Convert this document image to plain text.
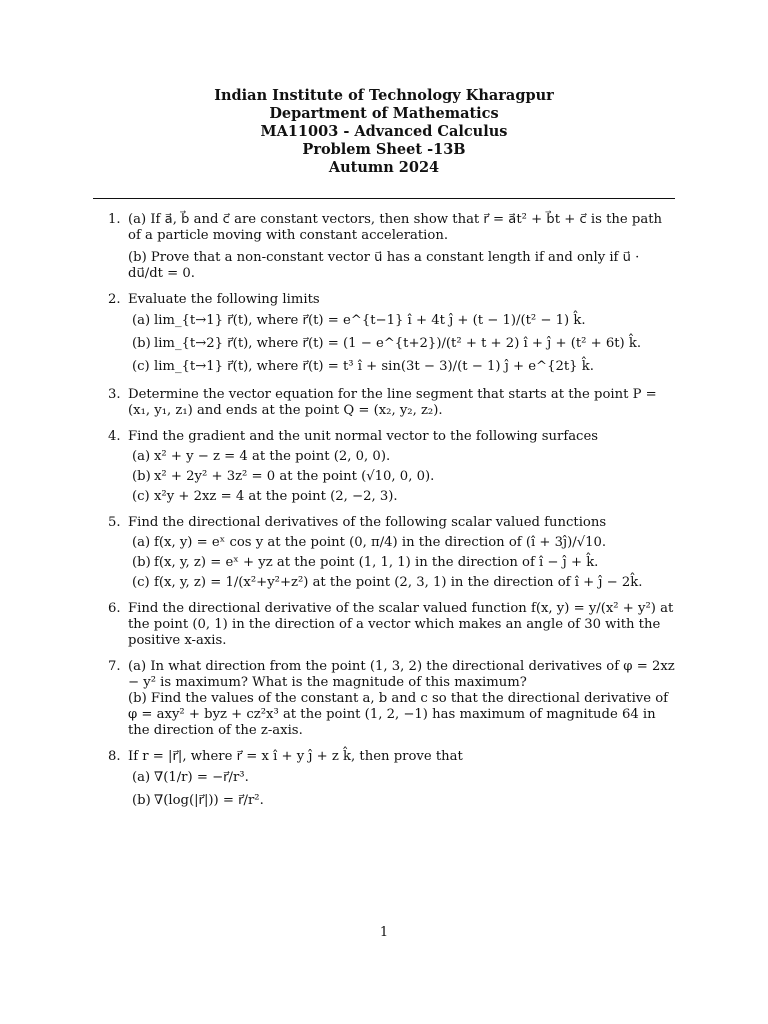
Indian Institute of Technology Kharagpur
Department of Mathematics
MA11003 - Advanced Calculus
Problem Sheet -13B
Autumn 2024
1. (a) If a⃗, b⃗ and c⃗ are constant vectors, then show that r⃗ = a⃗t² + b⃗t + c⃗ is the path of a particle moving with constant acceleration.
(b) Prove that a non-constant vector u⃗ has a constant length if and only if u⃗ · du⃗/dt = 0.
2. Evaluate the following limits
(a) lim_{t→1} r⃗(t), where r⃗(t) = e^{t−1} î + 4t ĵ + (t − 1)/(t² − 1) k̂.
(b) lim_{t→2} r⃗(t), where r⃗(t) = (1 − e^{t+2})/(t² + t + 2) î + ĵ + (t² + 6t) k̂.
(c) lim_{t→1} r⃗(t), where r⃗(t) = t³ î + sin(3t − 3)/(t − 1) ĵ + e^{2t} k̂.
3. Determine the vector equation for the line segment that starts at the point P = (x₁, y₁, z₁) and ends at the point Q = (x₂, y₂, z₂).
4. Find the gradient and the unit normal vector to the following surfaces
(a) x² + y − z = 4 at the point (2, 0, 0).
(b) x² + 2y² + 3z² = 0 at the point (√10, 0, 0).
(c) x²y + 2xz = 4 at the point (2, −2, 3).
5. Find the directional derivatives of the following scalar valued functions
(a) f(x, y) = eˣ cos y at the point (0, π/4) in the direction of (î + 3ĵ)/√10.
(b) f(x, y, z) = eˣ + yz at the point (1, 1, 1) in the direction of î − ĵ + k̂.
(c) f(x, y, z) = 1/(x²+y²+z²) at the point (2, 3, 1) in the direction of î + ĵ − 2k̂.
6. Find the directional derivative of the scalar valued function f(x, y) = y/(x² + y²) at the point (0, 1) in the direction of a vector which makes an angle of 30 with the positive x-axis.
7. (a) In what direction from the point (1, 3, 2) the directional derivatives of φ = 2xz − y² is maximum? What is the magnitude of this maximum?
(b) Find the values of the constant a, b and c so that the directional derivative of φ = axy² + byz + cz²x³ at the point (1, 2, −1) has maximum of magnitude 64 in the direction of the z-axis.
8. If r = |r⃗|, where r⃗ = x î + y ĵ + z k̂, then prove that
(a) ∇(1/r) = −r⃗/r³.
(b) ∇(log(|r⃗|)) = r⃗/r².
1
